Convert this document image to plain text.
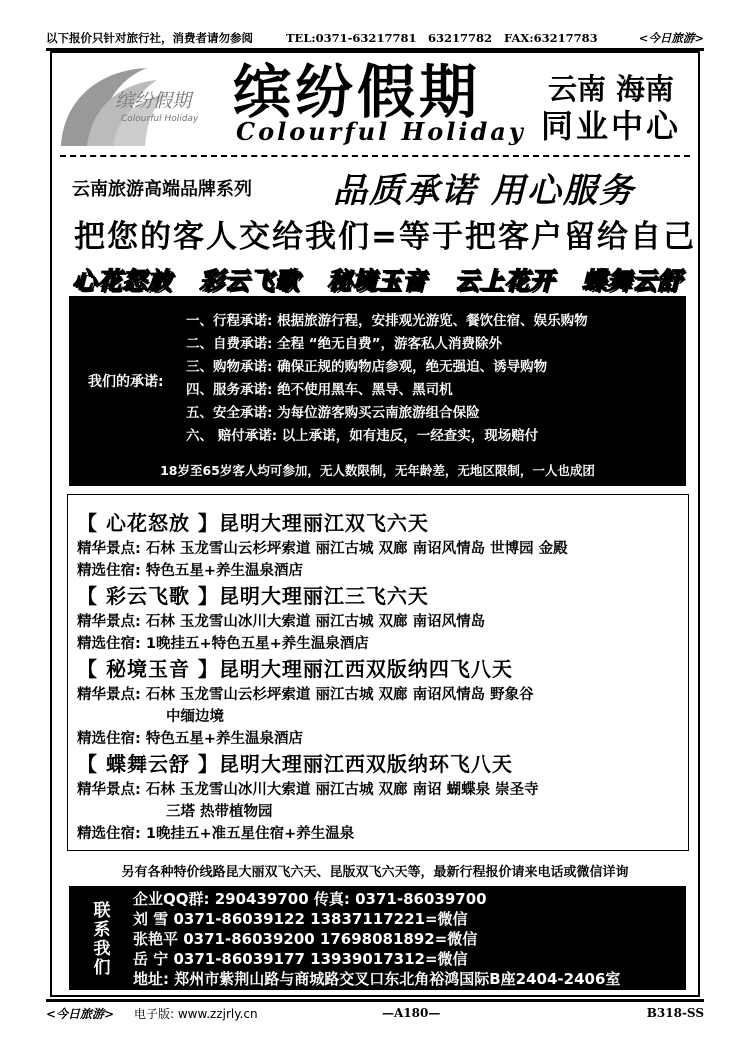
以下报价只针对旅行社，消费者请勿参阅	TEL:0371-63217781	63217782	FAX:63217783	<今日旅游>
缤纷假期
Colourful Holiday 缤纷假期
Colourful Holiday
云南 海南
同业中心
云南旅游高端品牌系列 品质承诺 用心服务
把您的客人交给我们=等于把客户留给自己
心花怒放 彩云飞歌 秘境玉音 云上花开 蝶舞云舒
我们的承诺:
一、行程承诺: 根据旅游行程，安排观光游览、餐饮住宿、娱乐购物
二、自费承诺: 全程 “绝无自费”，游客私人消费除外
三、购物承诺: 确保正规的购物店参观，绝无强迫、诱导购物
四、服务承诺: 绝不使用黑车、黑导、黑司机
五、安全承诺: 为每位游客购买云南旅游组合保险
六、 赔付承诺: 以上承诺，如有违反，一经查实，现场赔付
18岁至65岁客人均可参加，无人数限制，无年龄差，无地区限制，一人也成团
【 心花怒放 】昆明大理丽江双飞六天
精华景点: 石林 玉龙雪山云杉坪索道 丽江古城 双廊 南诏风情岛 世博园 金殿
精选住宿: 特色五星+养生温泉酒店
【 彩云飞歌 】昆明大理丽江三飞六天
精华景点: 石林 玉龙雪山冰川大索道 丽江古城 双廊 南诏风情岛
精选住宿: 1晚挂五+特色五星+养生温泉酒店
【 秘境玉音 】昆明大理丽江西双版纳四飞八天
精华景点: 石林 玉龙雪山云杉坪索道 丽江古城 双廊 南诏风情岛 野象谷
中缅边境
精选住宿: 特色五星+养生温泉酒店
【 蝶舞云舒 】昆明大理丽江西双版纳环飞八天
精华景点: 石林 玉龙雪山冰川大索道 丽江古城 双廊 南诏 蝴蝶泉 崇圣寺
三塔 热带植物园
精选住宿: 1晚挂五+准五星住宿+养生温泉
另有各种特价线路昆大丽双飞六天、昆版双飞六天等，最新行程报价请来电话或微信详询
联
系
我
们
企业QQ群: 290439700 传真: 0371-86039700
刘 雪 0371-86039122 13837117221=微信
张艳平 0371-86039200 17698081892=微信
岳 宁 0371-86039177 13939017312=微信
地址: 郑州市紫荆山路与商城路交叉口东北角裕鸿国际B座2404-2406室
<今日旅游>	电子版: www.zzjrly.cn	—A180—	B318-SS
